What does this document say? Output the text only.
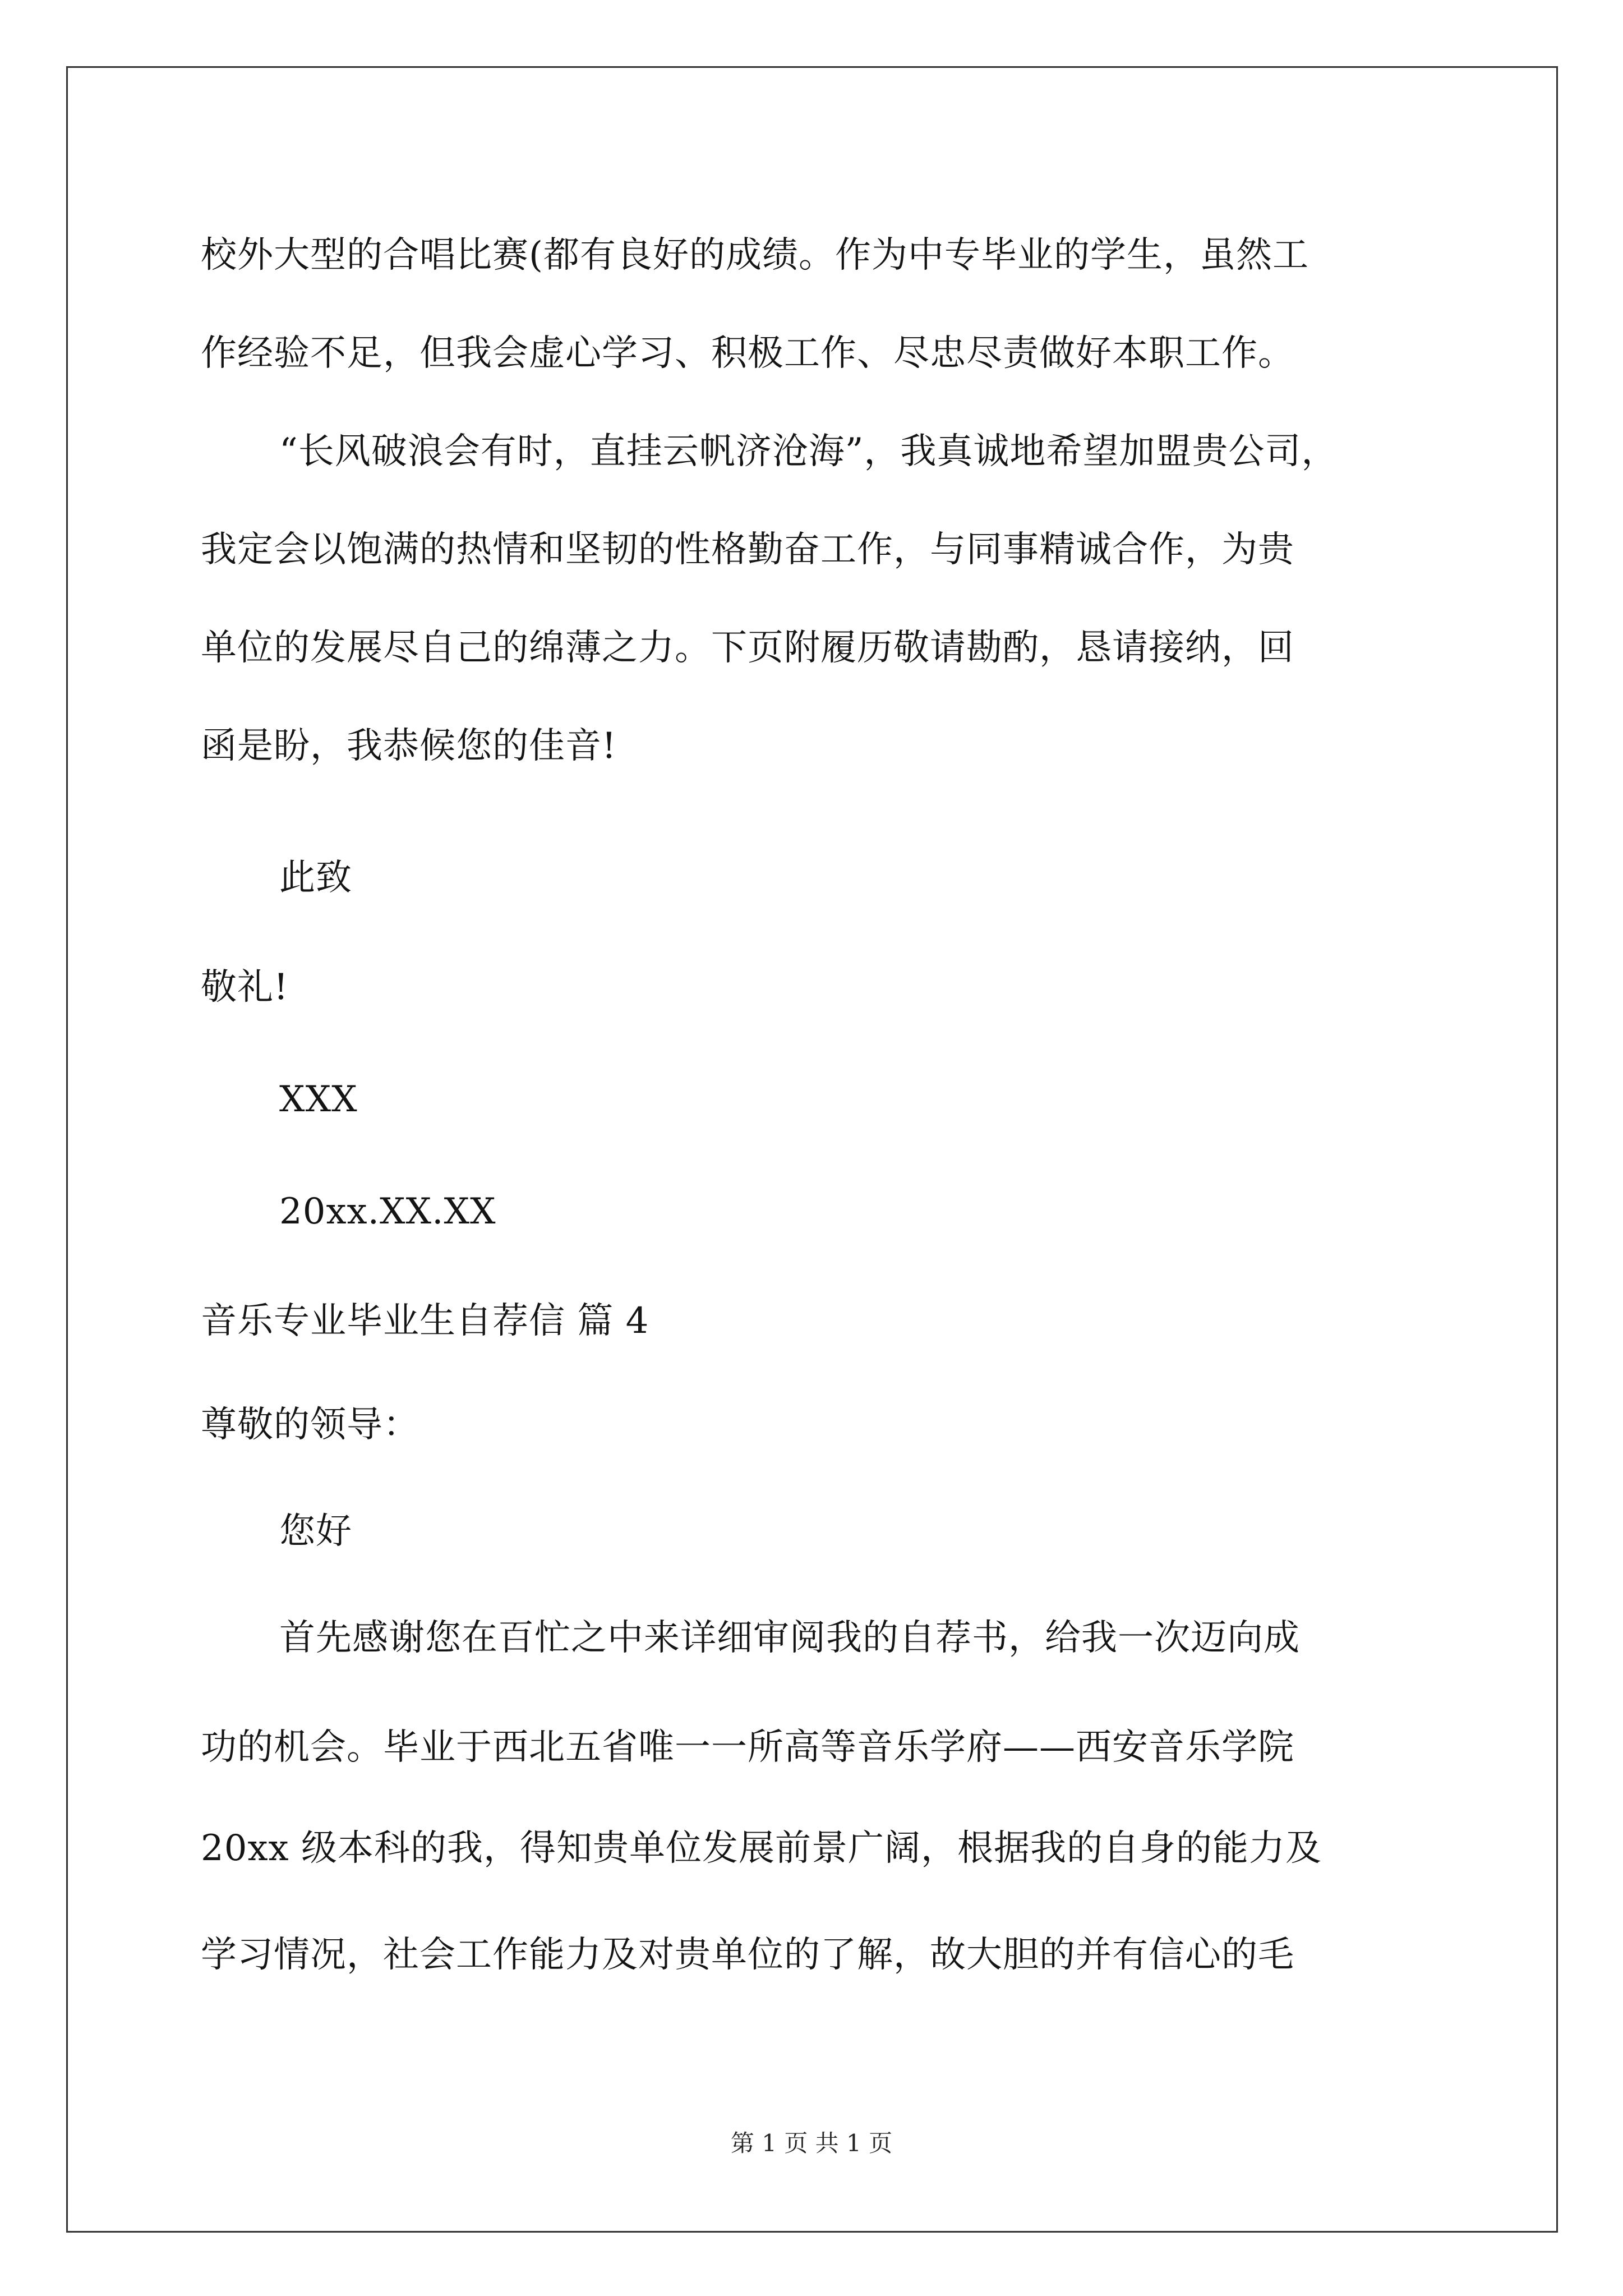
校外大型的合唱比赛(都有良好的成绩。作为中专毕业的学生，虽然工
作经验不足，但我会虚心学习、积极工作、尽忠尽责做好本职工作。
“长风破浪会有时，直挂云帆济沧海”，我真诚地希望加盟贵公司，
我定会以饱满的热情和坚韧的性格勤奋工作，与同事精诚合作，为贵
单位的发展尽自己的绵薄之力。下页附履历敬请勘酌，恳请接纳，回
函是盼，我恭候您的佳音!
此致
敬礼!
XXX
20xx.XX.XX
音乐专业毕业生自荐信 篇 4
尊敬的领导：
您好
首先感谢您在百忙之中来详细审阅我的自荐书，给我一次迈向成
功的机会。毕业于西北五省唯一一所高等音乐学府——西安音乐学院
20xx 级本科的我，得知贵单位发展前景广阔，根据我的自身的能力及
学习情况，社会工作能力及对贵单位的了解，故大胆的并有信心的毛
第 1 页 共 1 页
